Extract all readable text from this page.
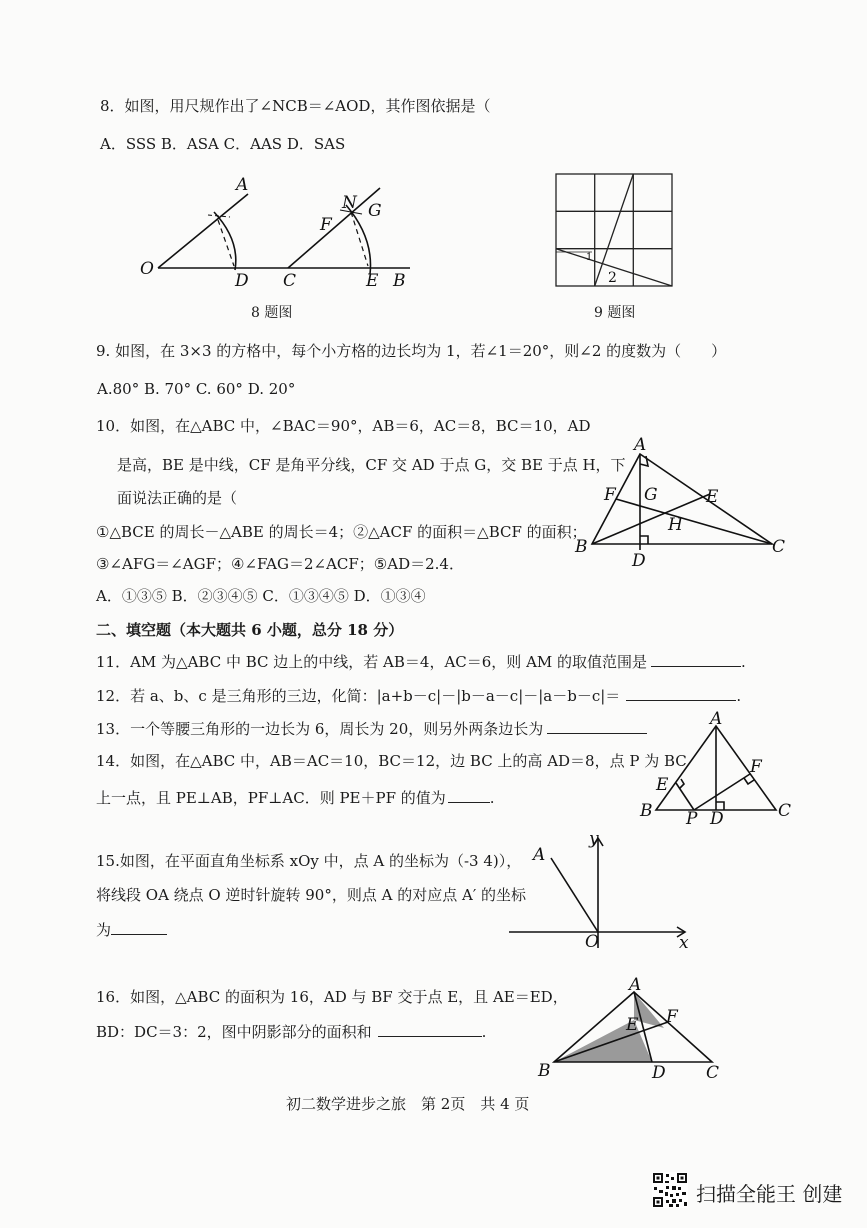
8．如图，用尺规作出了∠NCB＝∠AOD，其作图依据是（
A．SSS B．ASA C．AAS D．SAS
O
A
D C
F
N G
E B
8 题图
1
2
9 题图
9. 如图，在 3×3 的方格中，每个小方格的边长均为 1，若∠1＝20°，则∠2 的度数为（　　）
A.80° B. 70° C. 60° D. 20°
10．如图，在△ABC 中，∠BAC＝90°，AB＝6，AC＝8，BC＝10，AD
是高，BE 是中线，CF 是角平分线，CF 交 AD 于点 G，交 BE 于点 H，下
面说法正确的是（
①△BCE 的周长－△ABE 的周长＝4；②△ACF 的面积＝△BCF 的面积；
③∠AFG＝∠AGF；④∠FAG＝2∠ACF；⑤AD＝2.4．
A．①③⑤ B．②③④⑤ C．①③④⑤ D．①③④
A
B	C
D
E
F G
H
二、填空题（本大题共 6 小题，总分 18 分）
11．AM 为△ABC 中 BC 边上的中线，若 AB＝4，AC＝6，则 AM 的取值范围是	.
12．若 a、b、c 是三角形的三边，化简：|a+b－c|－|b－a－c|－|a－b－c|＝	.
13．一个等腰三角形的一边长为 6，周长为 20，则另外两条边长为
14．如图，在△ABC 中，AB＝AC＝10，BC＝12，边 BC 上的高 AD＝8，点 P 为 BC
上一点，且 PE⊥AB，PF⊥AC．则 PE＋PF 的值为	.
A
B	C
D
E
F
P
15.如图，在平面直角坐标系 xOy 中，点 A 的坐标为（-3 4)），
将线段 OA 绕点 O 逆时针旋转 90°，则点 A 的对应点 A′ 的坐标
为
A
O	x
y
16．如图，△ABC 的面积为 16，AD 与 BF 交于点 E，且 AE＝ED，
BD：DC＝3：2，图中阴影部分的面积和	.
A
B	C
D
E F
初二数学进步之旅　第 2页　共 4 页
扫描全能王 创建
